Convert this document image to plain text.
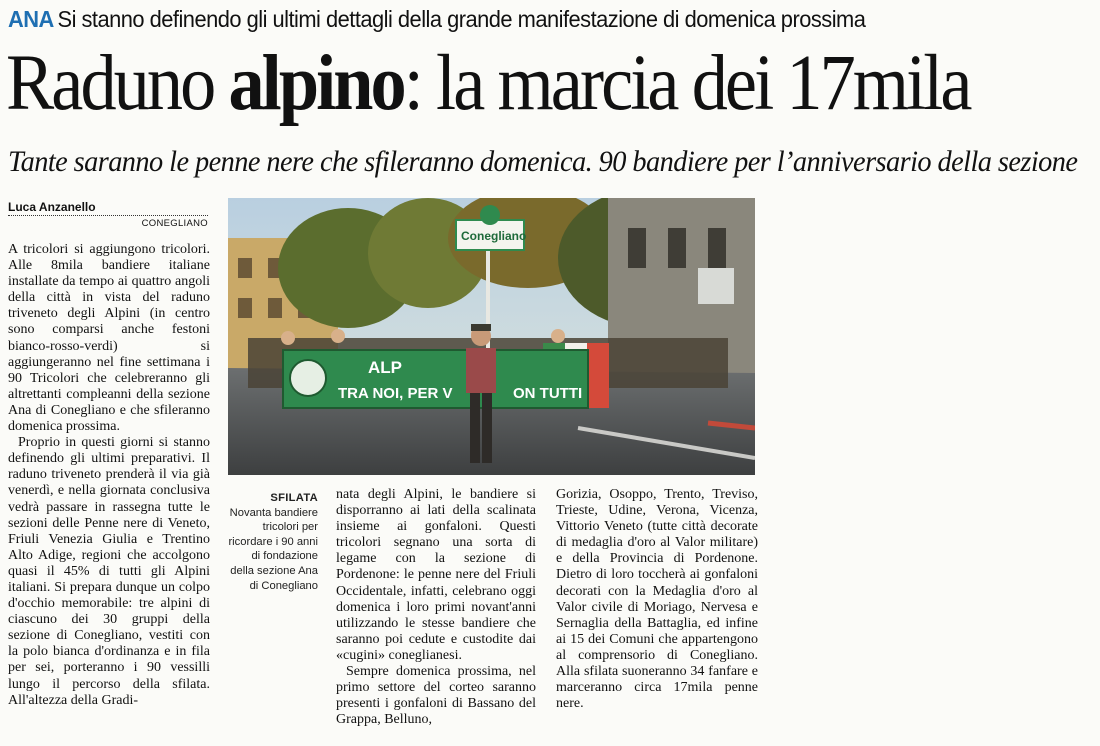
ANA Si stanno definendo gli ultimi dettagli della grande manifestazione di domenica prossima
Raduno alpino: la marcia dei 17mila
Tante saranno le penne nere che sfileranno domenica. 90 bandiere per l’anniversario della sezione
Luca Anzanello
CONEGLIANO
ALP
TRA NOI, PER V	ON TUTTI
Conegliano
SFILATA
Novanta bandiere tricolori per ricordare i 90 anni di fondazione della sezione Ana di Conegliano

A tricolori si aggiungono tricolori. Alle 8mila bandiere italiane installate da tempo ai quattro angoli della città in vista del raduno triveneto degli Alpini (in centro sono comparsi anche festoni bianco-rosso-verdi) si aggiungeranno nel fine settimana i 90 Tricolori che celebreranno gli altrettanti compleanni della sezione Ana di Conegliano e che sfileranno domenica prossima.

Proprio in questi giorni si stanno definendo gli ultimi preparativi. Il raduno triveneto prenderà il via già venerdì, e nella giornata conclusiva vedrà passare in rassegna tutte le sezioni delle Penne nere di Veneto, Friuli Venezia Giulia e Trentino Alto Adige, regioni che accolgono quasi il 45% di tutti gli Alpini italiani. Si prepara dunque un colpo d'occhio memorabile: tre alpini di ciascuno dei 30 gruppi della sezione di Conegliano, vestiti con la polo bianca d'ordinanza e in fila per sei, porteranno i 90 vessilli lungo il percorso della sfilata. All'altezza della Gradi-

nata degli Alpini, le bandiere si disporranno ai lati della scalinata insieme ai gonfaloni. Questi tricolori segnano una sorta di legame con la sezione di Pordenone: le penne nere del Friuli Occidentale, infatti, celebrano oggi domenica i loro primi novant'anni utilizzando le stesse bandiere che saranno poi cedute e custodite dai «cugini» coneglianesi.

Sempre domenica prossima, nel primo settore del corteo saranno presenti i gonfaloni di Bassano del Grappa, Belluno,

Gorizia, Osoppo, Trento, Treviso, Trieste, Udine, Verona, Vicenza, Vittorio Veneto (tutte città decorate di medaglia d'oro al Valor militare) e della Provincia di Pordenone. Dietro di loro toccherà ai gonfaloni decorati con la Medaglia d'oro al Valor civile di Moriago, Nervesa e Sernaglia della Battaglia, ed infine ai 15 dei Comuni che appartengono al comprensorio di Conegliano. Alla sfilata suoneranno 34 fanfare e marceranno circa 17mila penne nere.
